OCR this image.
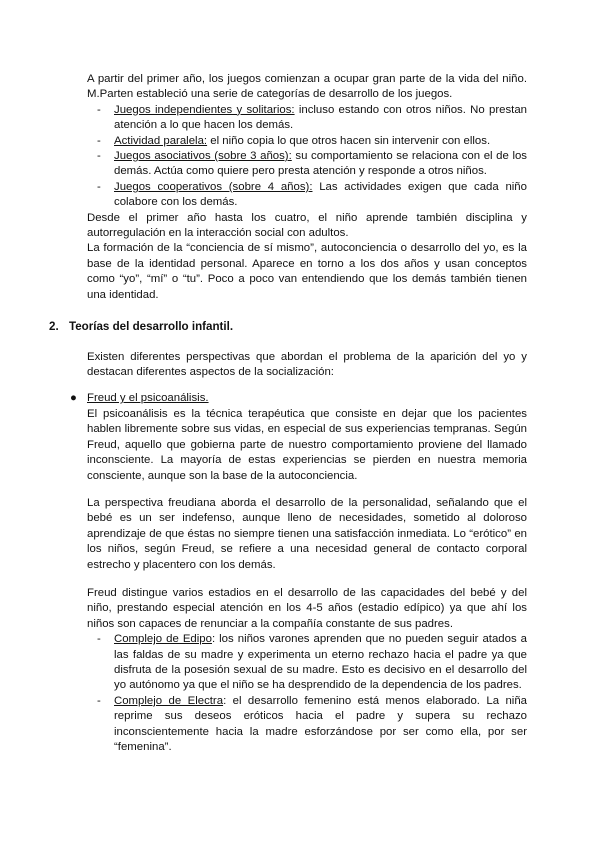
A partir del primer año, los juegos comienzan a ocupar gran parte de la vida del niño. M.Parten estableció una serie de categorías de desarrollo de los juegos.

- Juegos independientes y solitarios: incluso estando con otros niños. No prestan atención a lo que hacen los demás.
- Actividad paralela: el niño copia lo que otros hacen sin intervenir con ellos.
- Juegos asociativos (sobre 3 años): su comportamiento se relaciona con el de los demás. Actúa como quiere pero presta atención y responde a otros niños.
- Juegos cooperativos (sobre 4 años): Las actividades exigen que cada niño colabore con los demás.

Desde el primer año hasta los cuatro, el niño aprende también disciplina y autorregulación en la interacción social con adultos.

La formación de la “conciencia de sí mismo”, autoconciencia o desarrollo del yo, es la base de la identidad personal. Aparece en torno a los dos años y usan conceptos como “yo”, “mí” o “tu”. Poco a poco van entendiendo que los demás también tienen una identidad.

2. Teorías del desarrollo infantil.

Existen diferentes perspectivas que abordan el problema de la aparición del yo y destacan diferentes aspectos de la socialización:

● Freud y el psicoanálisis.

El psicoanálisis es la técnica terapéutica que consiste en dejar que los pacientes hablen libremente sobre sus vidas, en especial de sus experiencias tempranas. Según Freud, aquello que gobierna parte de nuestro comportamiento proviene del llamado inconsciente. La mayoría de estas experiencias se pierden en nuestra memoria consciente, aunque son la base de la autoconciencia.

La perspectiva freudiana aborda el desarrollo de la personalidad, señalando que el bebé es un ser indefenso, aunque lleno de necesidades, sometido al doloroso aprendizaje de que éstas no siempre tienen una satisfacción inmediata. Lo “erótico” en los niños, según Freud, se refiere a una necesidad general de contacto corporal estrecho y placentero con los demás.

Freud distingue varios estadios en el desarrollo de las capacidades del bebé y del niño, prestando especial atención en los 4-5 años (estadio edípico) ya que ahí los niños son capaces de renunciar a la compañía constante de sus padres.

- Complejo de Edipo: los niños varones aprenden que no pueden seguir atados a las faldas de su madre y experimenta un eterno rechazo hacia el padre ya que disfruta de la posesión sexual de su madre. Esto es decisivo en el desarrollo del yo autónomo ya que el niño se ha desprendido de la dependencia de los padres.
- Complejo de Electra: el desarrollo femenino está menos elaborado. La niña reprime sus deseos eróticos hacia el padre y supera su rechazo inconscientemente hacia la madre esforzándose por ser como ella, por ser “femenina”.
